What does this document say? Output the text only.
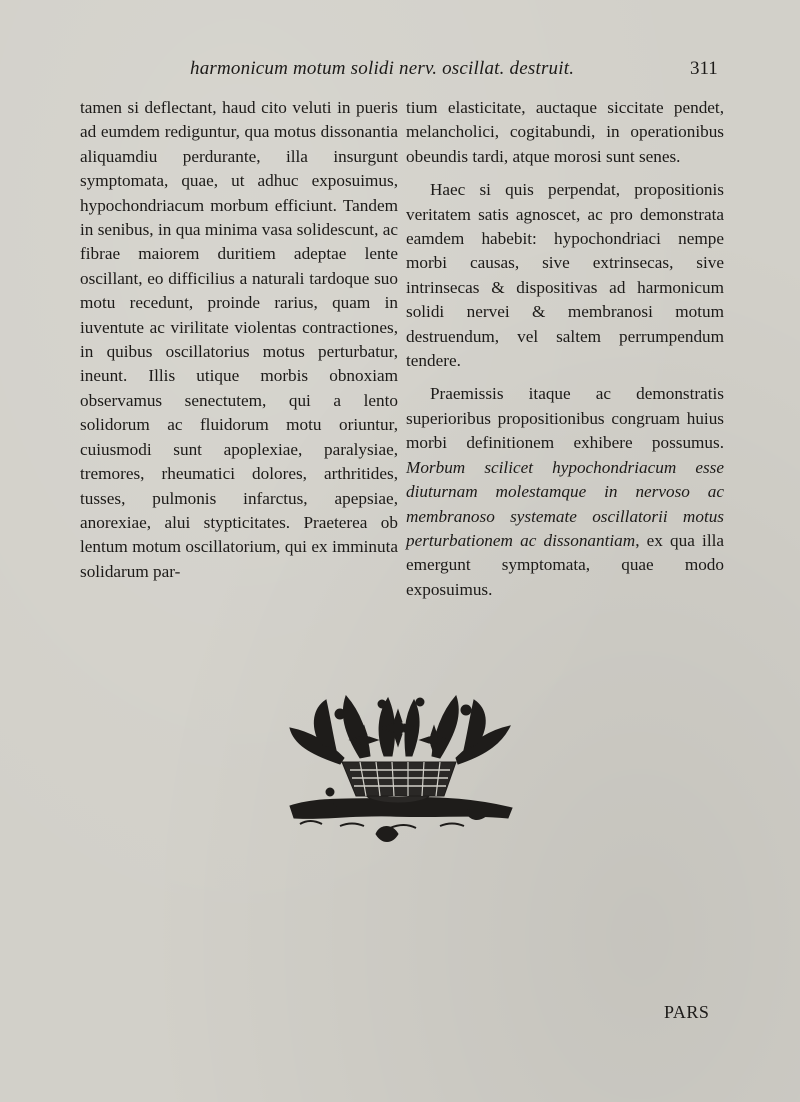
harmonicum motum solidi nerv. oscillat. destruit.	311

tamen si deflectant, haud cito veluti in pueris ad eumdem rediguntur, qua motus dissonantia aliquamdiu perdurante, illa insurgunt symptomata, quae, ut adhuc exposuimus, hypochondriacum morbum efficiunt. Tandem in senibus, in qua minima vasa solidescunt, ac fibrae maiorem duritiem adeptae lente oscillant, eo difficilius a naturali tardoque suo motu recedunt, proinde rarius, quam in iuventute ac virilitate violentas contractiones, in quibus oscillatorius motus perturbatur, ineunt. Illis utique morbis obnoxiam observamus senectutem, qui a lento solidorum ac fluidorum motu oriuntur, cuiusmodi sunt apoplexiae, paralysiae, tremores, rheumatici dolores, arthritides, tusses, pulmonis infarctus, apepsiae, anorexiae, alui stypticitates. Praeterea ob lentum motum oscillatorium, qui ex imminuta solidarum par-

tium elasticitate, auctaque siccitate pendet, melancholici, cogitabundi, in operationibus obeundis tardi, atque morosi sunt senes.

Haec si quis perpendat, propositionis veritatem satis agnoscet, ac pro demonstrata eamdem habebit: hypochondriaci nempe morbi causas, sive extrinsecas, sive intrinsecas & dispositivas ad harmonicum solidi nervei & membranosi motum destruendum, vel saltem perrumpendum tendere.

Praemissis itaque ac demonstratis superioribus propositionibus congruam huius morbi definitionem exhibere possumus. Morbum scilicet hypochondriacum esse diuturnam molestamque in nervoso ac membranoso systemate oscillatorii motus perturbationem ac dissonantiam, ex qua illa emergunt symptomata, quae modo exposuimus.

PARS
